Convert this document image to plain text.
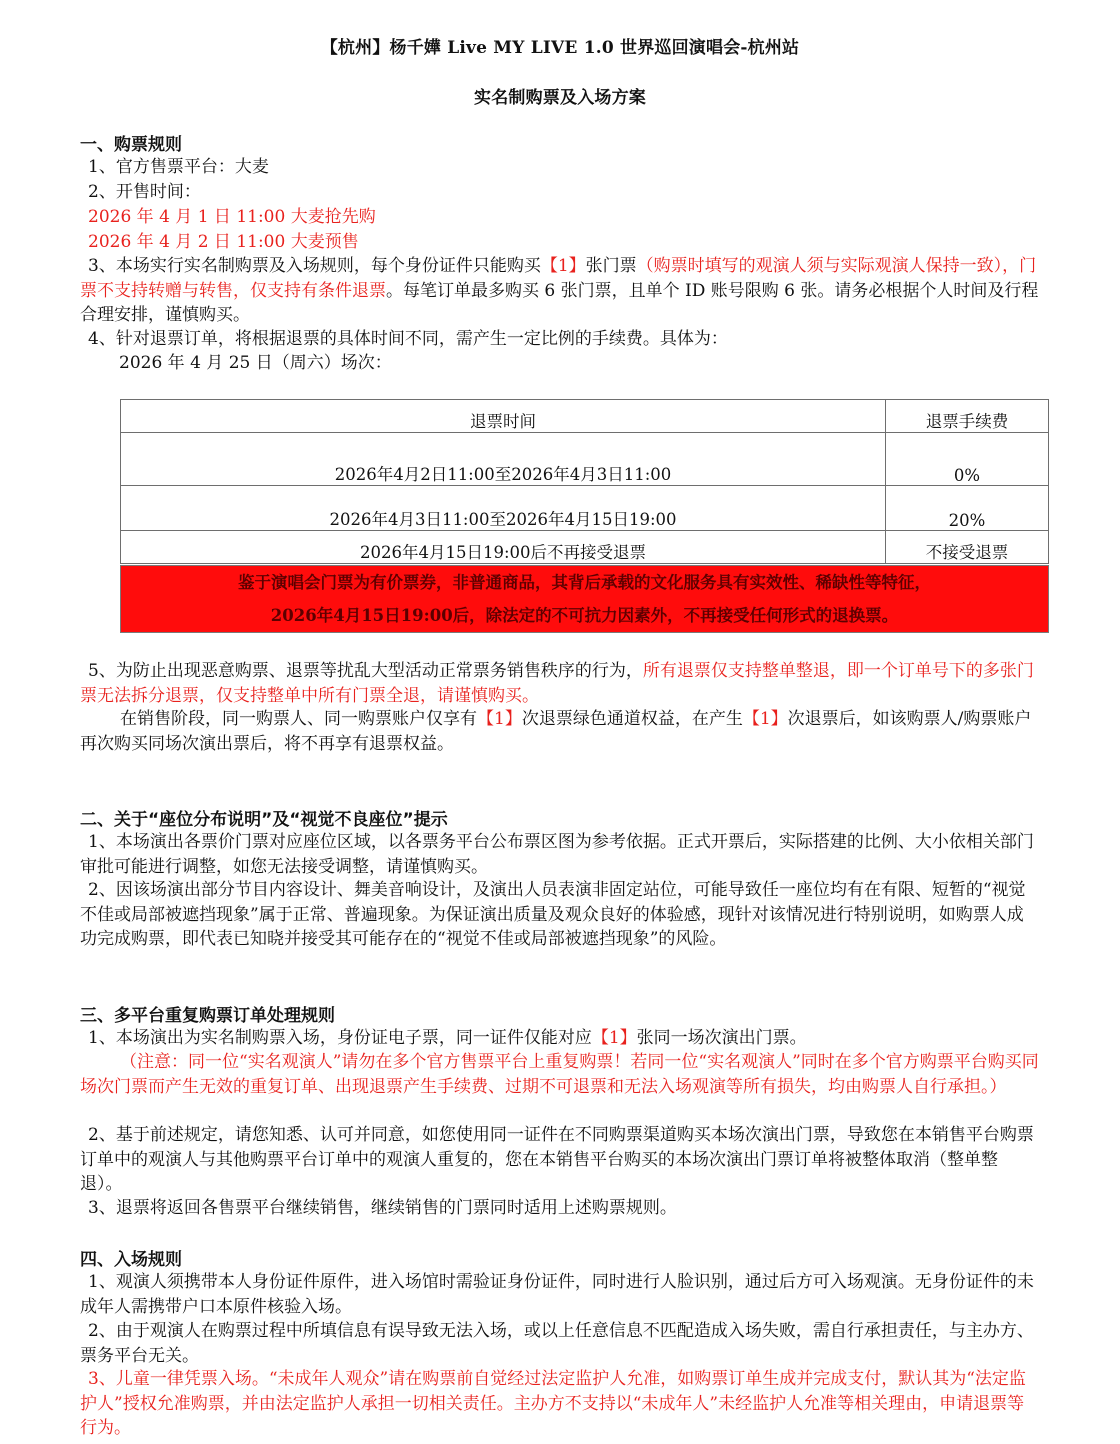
【杭州】杨千嬅 Live MY LIVE 1.0 世界巡回演唱会-杭州站
实名制购票及入场方案
一、购票规则
1、官方售票平台：大麦
2、开售时间：
2026 年 4 月 1 日 11:00 大麦抢先购
2026 年 4 月 2 日 11:00 大麦预售
3、本场实行实名制购票及入场规则，每个身份证件只能购买【1】张门票（购票时填写的观演人须与实际观演人保持一致），门票不支持转赠与转售，仅支持有条件退票。每笔订单最多购买 6 张门票，且单个 ID 账号限购 6 张。请务必根据个人时间及行程合理安排，谨慎购买。
4、针对退票订单，将根据退票的具体时间不同，需产生一定比例的手续费。具体为：
2026 年 4 月 25 日（周六）场次：
退票时间	退票手续费
2026年4月2日11:00至2026年4月3日11:00	0%
2026年4月3日11:00至2026年4月15日19:00	20%
2026年4月15日19:00后不再接受退票	不接受退票
鉴于演唱会门票为有价票券，非普通商品，其背后承载的文化服务具有实效性、稀缺性等特征，
2026年4月15日19:00后，除法定的不可抗力因素外，不再接受任何形式的退换票。
5、为防止出现恶意购票、退票等扰乱大型活动正常票务销售秩序的行为，所有退票仅支持整单整退，即一个订单号下的多张门票无法拆分退票，仅支持整单中所有门票全退，请谨慎购买。
在销售阶段，同一购票人、同一购票账户仅享有【1】次退票绿色通道权益，在产生【1】次退票后，如该购票人/购票账户再次购买同场次演出票后，将不再享有退票权益。
二、关于“座位分布说明”及“视觉不良座位”提示
1、本场演出各票价门票对应座位区域，以各票务平台公布票区图为参考依据。正式开票后，实际搭建的比例、大小依相关部门审批可能进行调整，如您无法接受调整，请谨慎购买。
2、因该场演出部分节目内容设计、舞美音响设计，及演出人员表演非固定站位，可能导致任一座位均有在有限、短暂的“视觉不佳或局部被遮挡现象”属于正常、普遍现象。为保证演出质量及观众良好的体验感，现针对该情况进行特别说明，如购票人成功完成购票，即代表已知晓并接受其可能存在的“视觉不佳或局部被遮挡现象”的风险。
三、多平台重复购票订单处理规则
1、本场演出为实名制购票入场，身份证电子票，同一证件仅能对应【1】张同一场次演出门票。
（注意：同一位“实名观演人”请勿在多个官方售票平台上重复购票！若同一位“实名观演人”同时在多个官方购票平台购买同场次门票而产生无效的重复订单、出现退票产生手续费、过期不可退票和无法入场观演等所有损失，均由购票人自行承担。）
2、基于前述规定，请您知悉、认可并同意，如您使用同一证件在不同购票渠道购买本场次演出门票，导致您在本销售平台购票订单中的观演人与其他购票平台订单中的观演人重复的，您在本销售平台购买的本场次演出门票订单将被整体取消（整单整退）。
3、退票将返回各售票平台继续销售，继续销售的门票同时适用上述购票规则。
四、入场规则
1、观演人须携带本人身份证件原件，进入场馆时需验证身份证件，同时进行人脸识别，通过后方可入场观演。无身份证件的未成年人需携带户口本原件核验入场。
2、由于观演人在购票过程中所填信息有误导致无法入场，或以上任意信息不匹配造成入场失败，需自行承担责任，与主办方、票务平台无关。
3、儿童一律凭票入场。“未成年人观众”请在购票前自觉经过法定监护人允准，如购票订单生成并完成支付，默认其为“法定监护人”授权允准购票，并由法定监护人承担一切相关责任。主办方不支持以“未成年人”未经监护人允准等相关理由，申请退票等行为。
